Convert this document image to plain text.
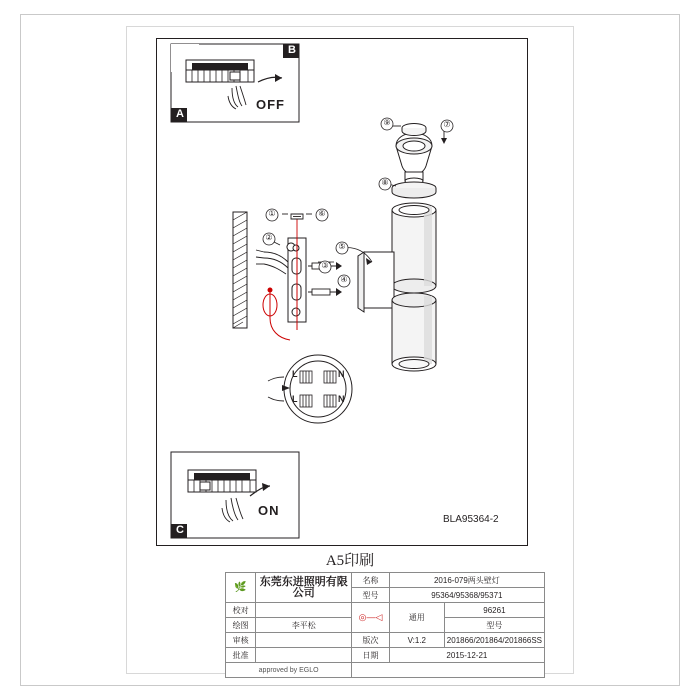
①
②
③
④
⑤
⑥
⑦
⑧
⑨
L	N
L	N
B
A
C
OFF
ON
BLA95364-2
A5印刷
🌿	东莞东进照明有限公司	名称	2016-079两头壁灯	
		型号	95364/95368/95371	
校对		◎—◁	通用	96261
绘图	李平松			型号
审核		版次	V:1.2	201866/201864/201866SS
批准		日期	2015-12-21	
approved by EGLO				
